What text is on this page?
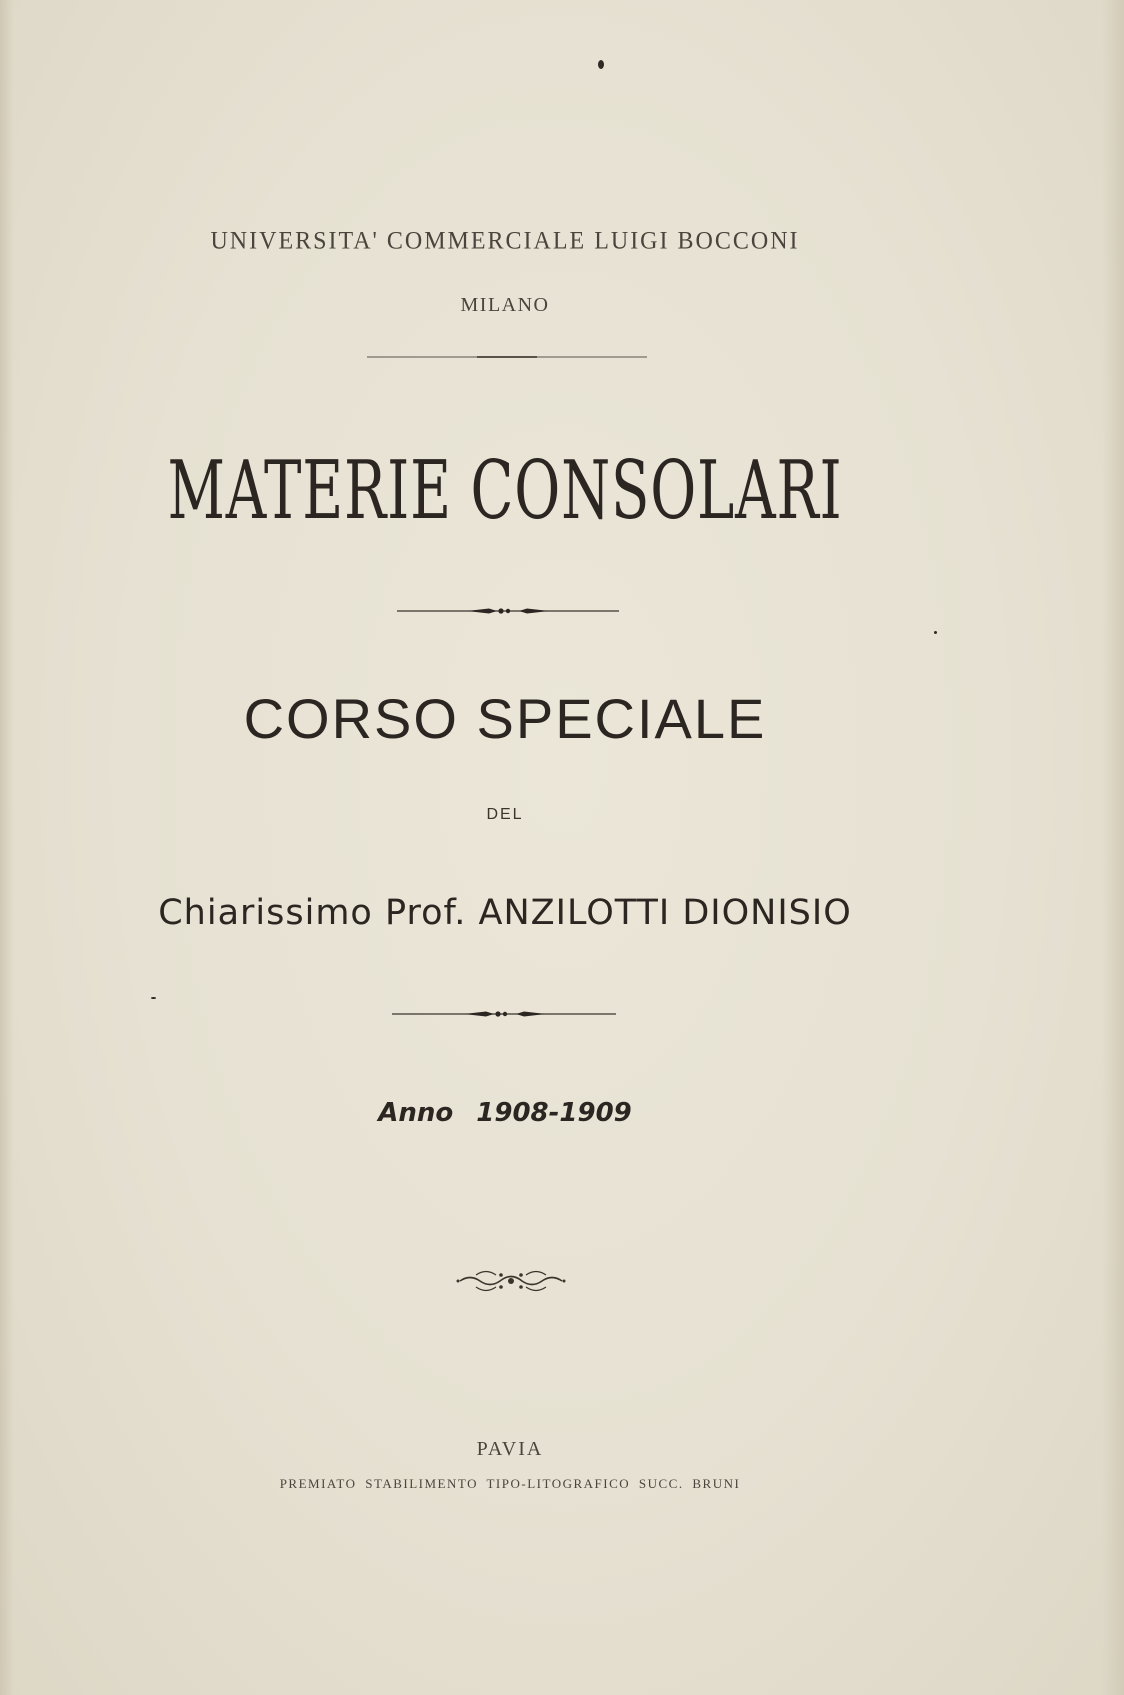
UNIVERSITA' COMMERCIALE LUIGI BOCCONI
MILANO
MATERIE CONSOLARI
CORSO SPECIALE
DEL
Chiarissimo Prof. ANZILOTTI DIONISIO
Anno 1908-1909
PAVIA
PREMIATO STABILIMENTO TIPO-LITOGRAFICO SUCC. BRUNI
